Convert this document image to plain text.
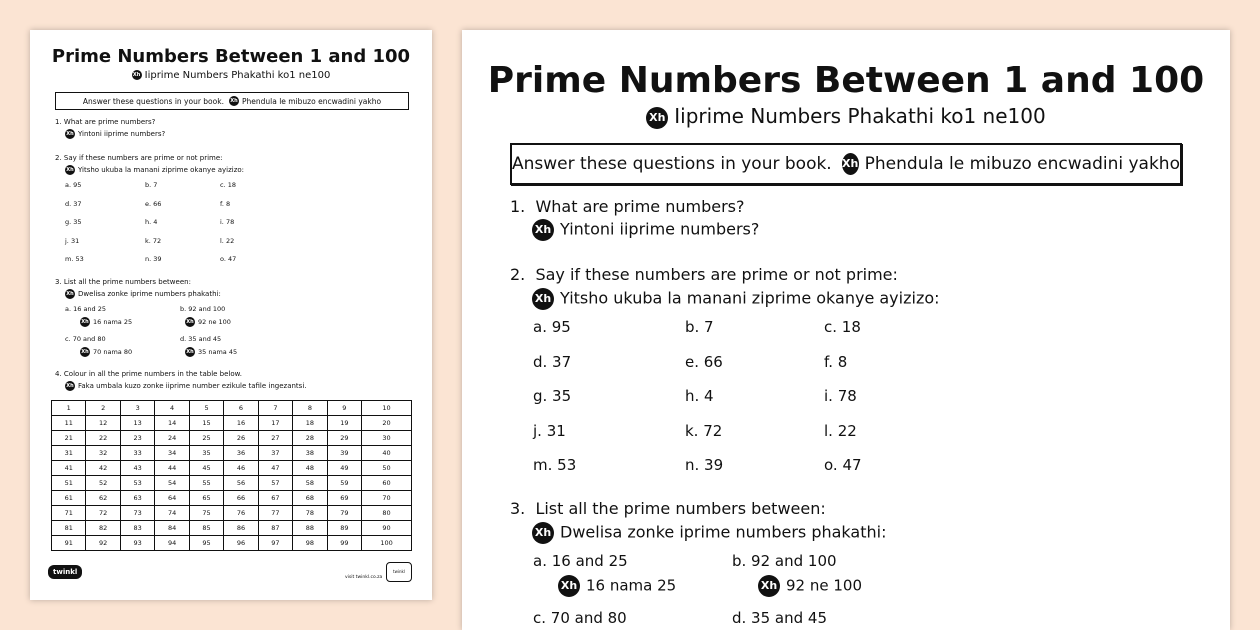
Prime Numbers Between 1 and 100
Xh Iiprime Numbers Phakathi ko1 ne100
Answer these questions in your book. Xh Phendula le mibuzo encwadini yakho
1. What are prime numbers?
Xh Yintoni iiprime numbers?
2. Say if these numbers are prime or not prime:
Xh Yitsho ukuba la manani ziprime okanye ayizizo:
a. 95	b. 7	c. 18
d. 37	e. 66	f. 8
g. 35	h. 4	i. 78
j. 31	k. 72	l. 22
m. 53	n. 39	o. 47
3. List all the prime numbers between:
Xh Dwelisa zonke iprime numbers phakathi:
a. 16 and 25	b. 92 and 100
Xh 16 nama 25	Xh 92 ne 100
c. 70 and 80	d. 35 and 45
Xh 70 nama 80	Xh 35 nama 45
4. Colour in all the prime numbers in the table below.
Xh Faka umbala kuzo zonke iiprime number ezikule tafile ingezantsi.
1	2	3	4	5	6	7	8	9	10
11	12	13	14	15	16	17	18	19	20
21	22	23	24	25	26	27	28	29	30
31	32	33	34	35	36	37	38	39	40
41	42	43	44	45	46	47	48	49	50
51	52	53	54	55	56	57	58	59	60
61	62	63	64	65	66	67	68	69	70
71	72	73	74	75	76	77	78	79	80
81	82	83	84	85	86	87	88	89	90
91	92	93	94	95	96	97	98	99	100
twinkl
visit twinkl.co.za
twinkl
Prime Numbers Between 1 and 100
Xh Iiprime Numbers Phakathi ko1 ne100
Answer these questions in your book. Xh Phendula le mibuzo encwadini yakho
1. What are prime numbers?
Xh Yintoni iiprime numbers?
2. Say if these numbers are prime or not prime:
Xh Yitsho ukuba la manani ziprime okanye ayizizo:
a. 95	b. 7	c. 18
d. 37	e. 66	f. 8
g. 35	h. 4	i. 78
j. 31	k. 72	l. 22
m. 53	n. 39	o. 47
3. List all the prime numbers between:
Xh Dwelisa zonke iprime numbers phakathi:
a. 16 and 25	b. 92 and 100
Xh 16 nama 25	Xh 92 ne 100
c. 70 and 80	d. 35 and 45
